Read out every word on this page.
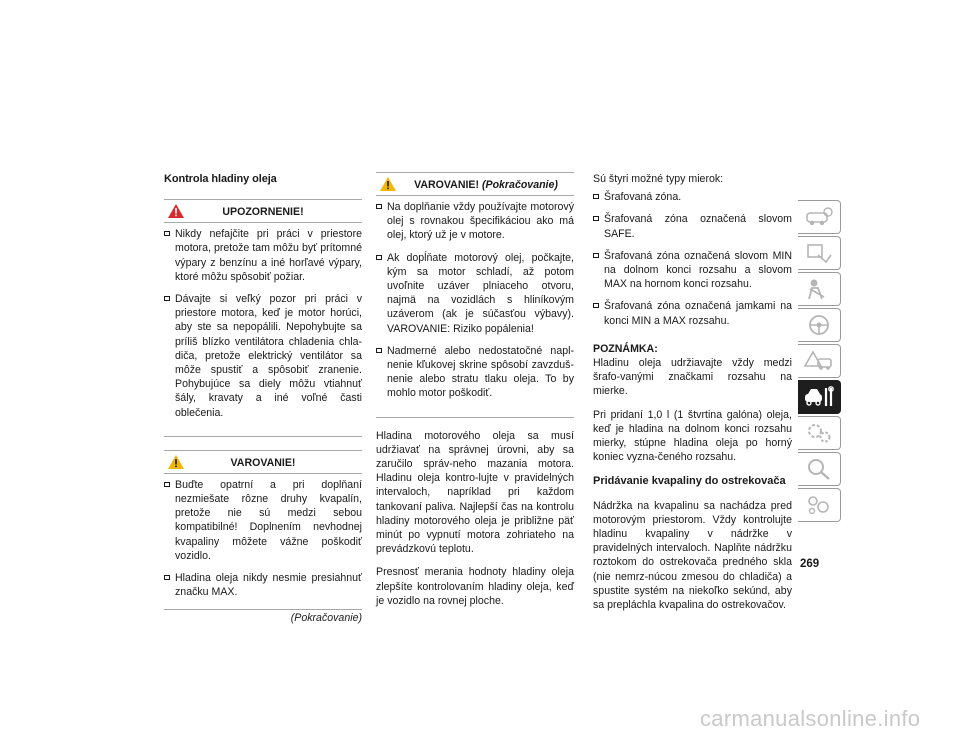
Kontrola hladiny oleja
UPOZORNENIE!
Nikdy nefajčite pri práci v priestore motora, pretože tam môžu byť prítomné výpary z benzínu a iné horľavé výpary, ktoré môžu spôsobiť požiar.
Dávajte si veľký pozor pri práci v priestore motora, keď je motor horúci, aby ste sa nepopálili. Nepohybujte sa príliš blízko ventilátora chladenia chla-diča, pretože elektrický ventilátor sa môže spustiť a spôsobiť zranenie. Pohybujúce sa diely môžu vtiahnuť šály, kravaty a iné voľné časti oblečenia.
VAROVANIE!
Buďte opatrní a pri doplňaní nezmiešate rôzne druhy kvapalín, pretože nie sú medzi sebou kompatibilné! Doplnením nevhodnej kvapaliny môžete vážne poškodiť vozidlo.
Hladina oleja nikdy nesmie presiahnuť značku MAX.
(Pokračovanie)
VAROVANIE! (Pokračovanie)
Na doplňanie vždy používajte motorový olej s rovnakou špecifikáciou ako má olej, ktorý už je v motore.
Ak dopĺňate motorový olej, počkajte, kým sa motor schladí, až potom uvoľnite uzáver plniaceho otvoru, najmä na vozidlách s hliníkovým uzáverom (ak je súčasťou výbavy). VAROVANIE: Riziko popálenia!
Nadmerné alebo nedostatočné napl-nenie kľukovej skrine spôsobí zavzduš-nenie alebo stratu tlaku oleja. To by mohlo motor poškodiť.

Hladina motorového oleja sa musí udržiavať na správnej úrovni, aby sa zaručilo správ-neho mazania motora. Hladinu oleja kontro-lujte v pravidelných intervaloch, napríklad pri každom tankovaní paliva. Najlepší čas na kontrolu hladiny motorového oleja je približne päť minút po vypnutí motora zohriateho na prevádzkovú teplotu.

Presnosť merania hodnoty hladiny oleja zlepšíte kontrolovaním hladiny oleja, keď je vozidlo na rovnej ploche.

Sú štyri možné typy mierok:

Šrafovaná zóna.
Šrafovaná zóna označená slovom SAFE.
Šrafovaná zóna označená slovom MIN na dolnom konci rozsahu a slovom MAX na hornom konci rozsahu.
Šrafovaná zóna označená jamkami na konci MIN a MAX rozsahu.
POZNÁMKA:

Hladinu oleja udržiavajte vždy medzi šrafo-vanými značkami rozsahu na mierke.

Pri pridaní 1,0 l (1 štvrtina galóna) oleja, keď je hladina na dolnom konci rozsahu mierky, stúpne hladina oleja po horný koniec vyzna-čeného rozsahu.

Pridávanie kvapaliny do ostrekovača

Nádržka na kvapalinu sa nachádza pred motorovým priestorom. Vždy kontrolujte hladinu kvapaliny v nádržke v pravidelných intervaloch. Naplňte nádržku roztokom do ostrekovača predného skla (nie nemrz-núcou zmesou do chladiča) a spustite systém na niekoľko sekúnd, aby sa prepláchla kvapalina do ostrekovačov.

269
carmanualsonline.info
